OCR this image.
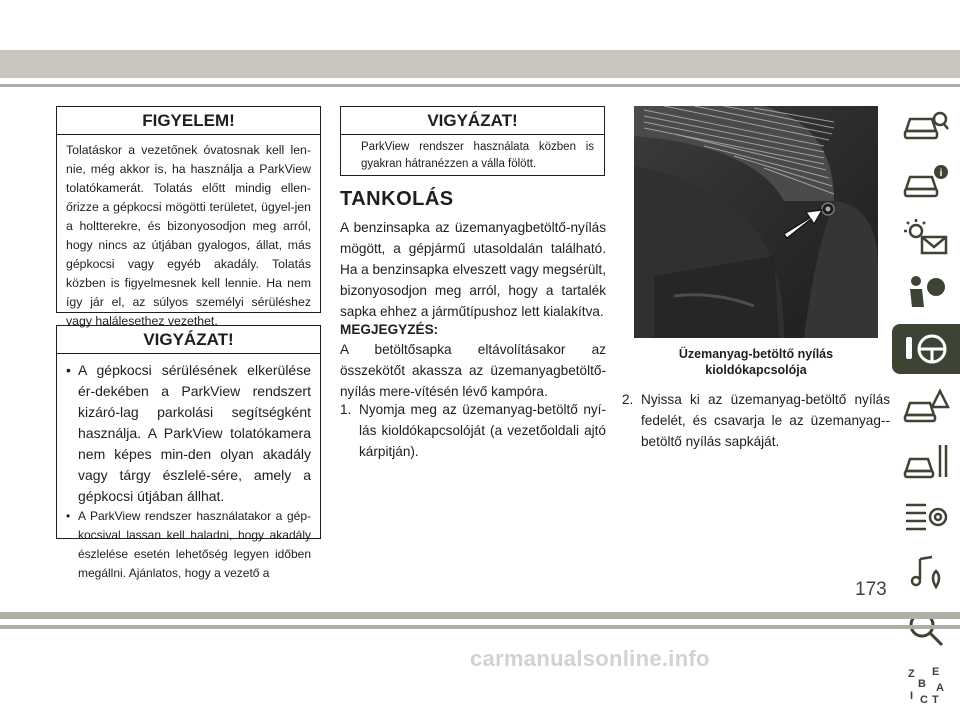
FIGYELEM!
Tolatáskor a vezetőnek óvatosnak kell len-nie, még akkor is, ha használja a ParkView tolatókamerát. Tolatás előtt mindig ellen-őrizze a gépkocsi mögötti területet, ügyel-jen a holtterekre, és bizonyosodjon meg arról, hogy nincs az útjában gyalogos, állat, más gépkocsi vagy egyéb akadály. Tolatás közben is figyelmesnek kell lennie. Ha nem így jár el, az súlyos személyi sérüléshez vagy halálesethez vezethet.
VIGYÁZAT!
• A gépkocsi sérülésének elkerülése ér-dekében a ParkView rendszert kizáró-lag parkolási segítségként használja. A ParkView tolatókamera nem képes min-den olyan akadály vagy tárgy észlelé-sére, amely a gépkocsi útjában állhat.
• A ParkView rendszer használatakor a gép-kocsival lassan kell haladni, hogy akadály észlelése esetén lehetőség legyen időben megállni. Ajánlatos, hogy a vezető a
VIGYÁZAT!
ParkView rendszer használata közben is gyakran hátranézzen a válla fölött.
TANKOLÁS
A benzinsapka az üzemanyagbetöltő-nyílás mögött, a gépjármű utasoldalán található. Ha a benzinsapka elveszett vagy megsérült, bizonyosodjon meg arról, hogy a tartalék sapka ehhez a járműtípushoz lett kialakítva.
MEGJEGYZÉS:
A betöltősapka eltávolításakor az összekötőt akassza az üzemanyagbetöltő-nyílás mere-vítésén lévő kampóra.
1. Nyomja meg az üzemanyag-betöltő nyí-lás kioldókapcsolóját (a vezetőoldali ajtó kárpitján).
2. Nyissa ki az üzemanyag-betöltő nyílás fedelét, és csavarja le az üzemanyag--betöltő nyílás sapkáját.
Üzemanyag-betöltő nyílás
kioldókapcsolója
i
Z E
B A
I C T
173
carmanualsonline.info
